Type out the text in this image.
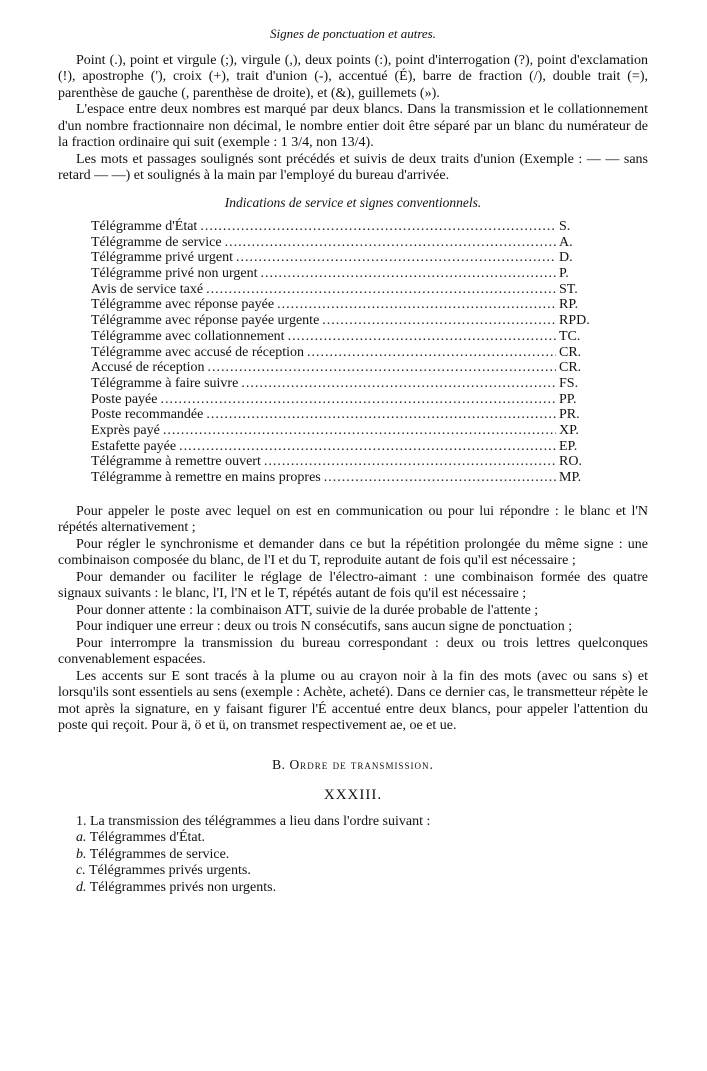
Signes de ponctuation et autres.

Point (.), point et virgule (;), virgule (,), deux points (:), point d'interrogation (?), point d'exclamation (!), apostrophe ('), croix (+), trait d'union (-), accentué (É), barre de fraction (/), double trait (=), parenthèse de gauche (, parenthèse de droite), et (&), guillemets (»).

L'espace entre deux nombres est marqué par deux blancs. Dans la transmission et le collationnement d'un nombre fractionnaire non décimal, le nombre entier doit être séparé par un blanc du numérateur de la fraction ordinaire qui suit (exemple : 1 3/4, non 13/4).

Les mots et passages soulignés sont précédés et suivis de deux traits d'union (Exemple : — — sans retard — —) et soulignés à la main par l'employé du bureau d'arrivée.

Indications de service et signes conventionnels.
Télégramme d'État .....	S.
Télégramme de service .....	A.
Télégramme privé urgent .....	D.
Télégramme privé non urgent .....	P.
Avis de service taxé .....	ST.
Télégramme avec réponse payée .....	RP.
Télégramme avec réponse payée urgente .....	RPD.
Télégramme avec collationnement .....	TC.
Télégramme avec accusé de réception .....	CR.
Accusé de réception .....	CR.
Télégramme à faire suivre .....	FS.
Poste payée .....	PP.
Poste recommandée .....	PR.
Exprès payé .....	XP.
Estafette payée .....	EP.
Télégramme à remettre ouvert .....	RO.
Télégramme à remettre en mains propres .....	MP.

Pour appeler le poste avec lequel on est en communication ou pour lui répondre : le blanc et l'N répétés alternativement ;

Pour régler le synchronisme et demander dans ce but la répétition prolongée du même signe : une combinaison composée du blanc, de l'I et du T, reproduite autant de fois qu'il est nécessaire ;

Pour demander ou faciliter le réglage de l'électro-aimant : une combinaison formée des quatre signaux suivants : le blanc, l'I, l'N et le T, répétés autant de fois qu'il est nécessaire ;

Pour donner attente : la combinaison ATT, suivie de la durée probable de l'attente ;

Pour indiquer une erreur : deux ou trois N consécutifs, sans aucun signe de ponctuation ;

Pour interrompre la transmission du bureau correspondant : deux ou trois lettres quelconques convenablement espacées.

Les accents sur E sont tracés à la plume ou au crayon noir à la fin des mots (avec ou sans s) et lorsqu'ils sont essentiels au sens (exemple : Achète, acheté). Dans ce dernier cas, le transmetteur répète le mot après la signature, en y faisant figurer l'É accentué entre deux blancs, pour appeler l'attention du poste qui reçoit. Pour ä, ö et ü, on transmet respectivement ae, oe et ue.

B. Ordre de transmission.
XXXIII.

1. La transmission des télégrammes a lieu dans l'ordre suivant :

a. Télégrammes d'État.
b. Télégrammes de service.
c. Télégrammes privés urgents.
d. Télégrammes privés non urgents.
